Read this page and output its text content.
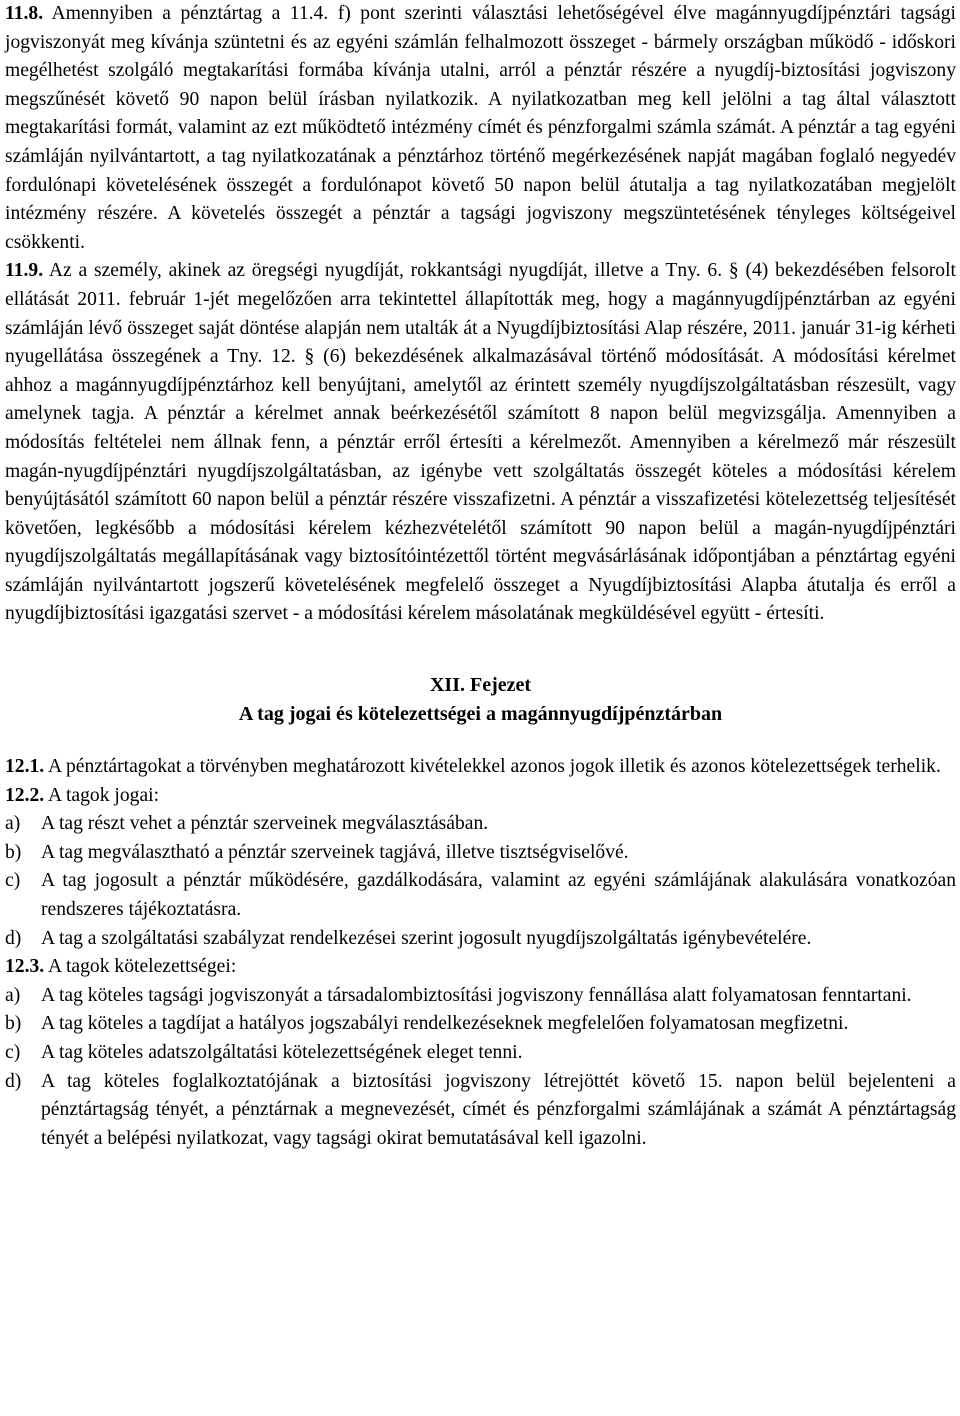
11.8. Amennyiben a pénztártag a 11.4. f) pont szerinti választási lehetőségével élve magánnyugdíjpénztári tagsági jogviszonyát meg kívánja szüntetni és az egyéni számlán felhalmozott összeget - bármely országban működő - időskori megélhetést szolgáló megtakarítási formába kívánja utalni, arról a pénztár részére a nyugdíj-biztosítási jogviszony megszűnését követő 90 napon belül írásban nyilatkozik. A nyilatkozatban meg kell jelölni a tag által választott megtakarítási formát, valamint az ezt működtető intézmény címét és pénzforgalmi számla számát. A pénztár a tag egyéni számláján nyilvántartott, a tag nyilatkozatának a pénztárhoz történő megérkezésének napját magában foglaló negyedév fordulónapi követelésének összegét a fordulónapot követő 50 napon belül átutalja a tag nyilatkozatában megjelölt intézmény részére. A követelés összegét a pénztár a tagsági jogviszony megszüntetésének tényleges költségeivel csökkenti.

11.9. Az a személy, akinek az öregségi nyugdíját, rokkantsági nyugdíját, illetve a Tny. 6. § (4) bekezdésében felsorolt ellátását 2011. február 1-jét megelőzően arra tekintettel állapították meg, hogy a magánnyugdíjpénztárban az egyéni számláján lévő összeget saját döntése alapján nem utalták át a Nyugdíjbiztosítási Alap részére, 2011. január 31-ig kérheti nyugellátása összegének a Tny. 12. § (6) bekezdésének alkalmazásával történő módosítását. A módosítási kérelmet ahhoz a magánnyugdíjpénztárhoz kell benyújtani, amelytől az érintett személy nyugdíjszolgáltatásban részesült, vagy amelynek tagja. A pénztár a kérelmet annak beérkezésétől számított 8 napon belül megvizsgálja. Amennyiben a módosítás feltételei nem állnak fenn, a pénztár erről értesíti a kérelmezőt. Amennyiben a kérelmező már részesült magán-nyugdíjpénztári nyugdíjszolgáltatásban, az igénybe vett szolgáltatás összegét köteles a módosítási kérelem benyújtásától számított 60 napon belül a pénztár részére visszafizetni. A pénztár a visszafizetési kötelezettség teljesítését követően, legkésőbb a módosítási kérelem kézhezvételétől számított 90 napon belül a magán-nyugdíjpénztári nyugdíjszolgáltatás megállapításának vagy biztosítóintézettől történt megvásárlásának időpontjában a pénztártag egyéni számláján nyilvántartott jogszerű követelésének megfelelő összeget a Nyugdíjbiztosítási Alapba átutalja és erről a nyugdíjbiztosítási igazgatási szervet - a módosítási kérelem másolatának megküldésével együtt - értesíti.

XII. Fejezet
A tag jogai és kötelezettségei a magánnyugdíjpénztárban

12.1. A pénztártagokat a törvényben meghatározott kivételekkel azonos jogok illetik és azonos kötelezettségek terhelik.

12.2. A tagok jogai:

a)	A tag részt vehet a pénztár szerveinek megválasztásában.
b)	A tag megválasztható a pénztár szerveinek tagjává, illetve tisztségviselővé.
c)	A tag jogosult a pénztár működésére, gazdálkodására, valamint az egyéni számlájának alakulására vonatkozóan rendszeres tájékoztatásra.
d)	A tag a szolgáltatási szabályzat rendelkezései szerint jogosult nyugdíjszolgáltatás igénybevételére.

12.3. A tagok kötelezettségei:

a)	A tag köteles tagsági jogviszonyát a társadalombiztosítási jogviszony fennállása alatt folyamatosan fenntartani.
b)	A tag köteles a tagdíjat a hatályos jogszabályi rendelkezéseknek megfelelően folyamatosan megfizetni.
c)	A tag köteles adatszolgáltatási kötelezettségének eleget tenni.
d)	A tag köteles foglalkoztatójának a biztosítási jogviszony létrejöttét követő 15. napon belül bejelenteni a pénztártagság tényét, a pénztárnak a megnevezését, címét és pénzforgalmi számlájának a számát A pénztártagság tényét a belépési nyilatkozat, vagy tagsági okirat bemutatásával kell igazolni.
